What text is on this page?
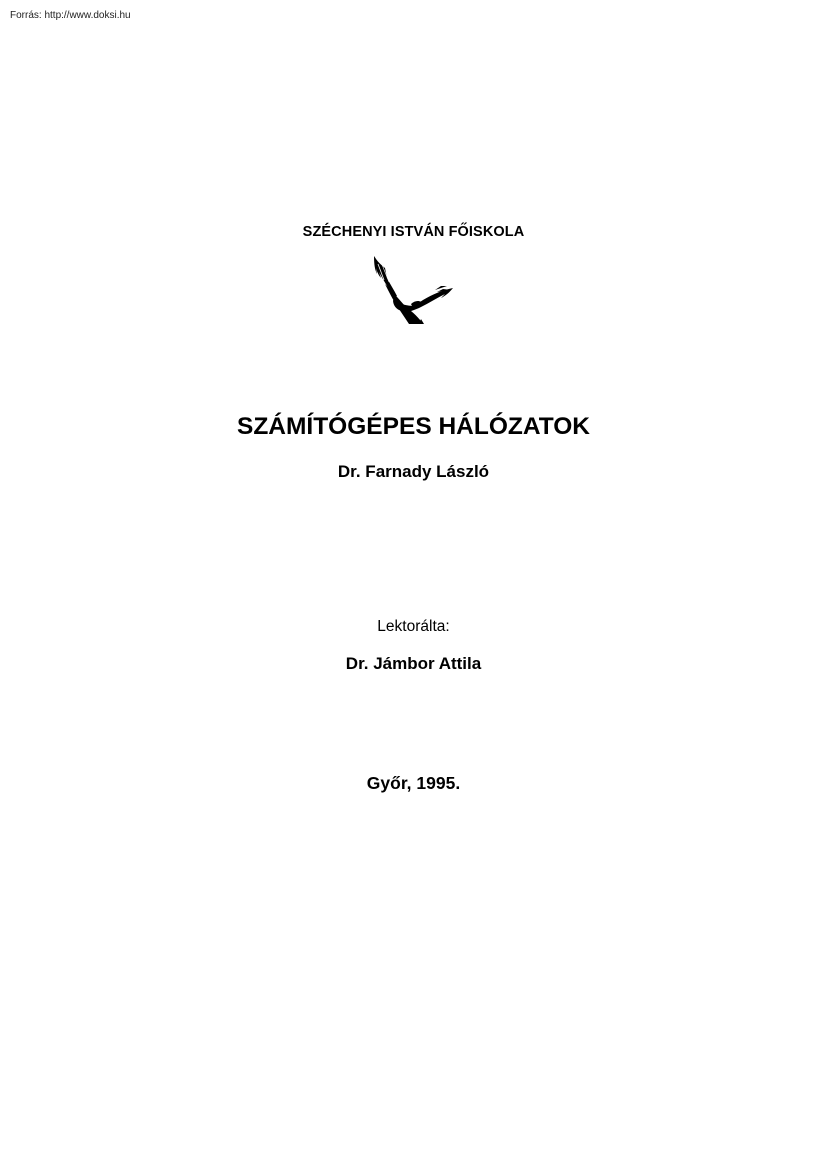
Forrás: http://www.doksi.hu
SZÉCHENYI ISTVÁN FŐISKOLA
SZÁMÍTÓGÉPES HÁLÓZATOK
Dr. Farnady László
Lektorálta:
Dr. Jámbor Attila
Győr, 1995.
